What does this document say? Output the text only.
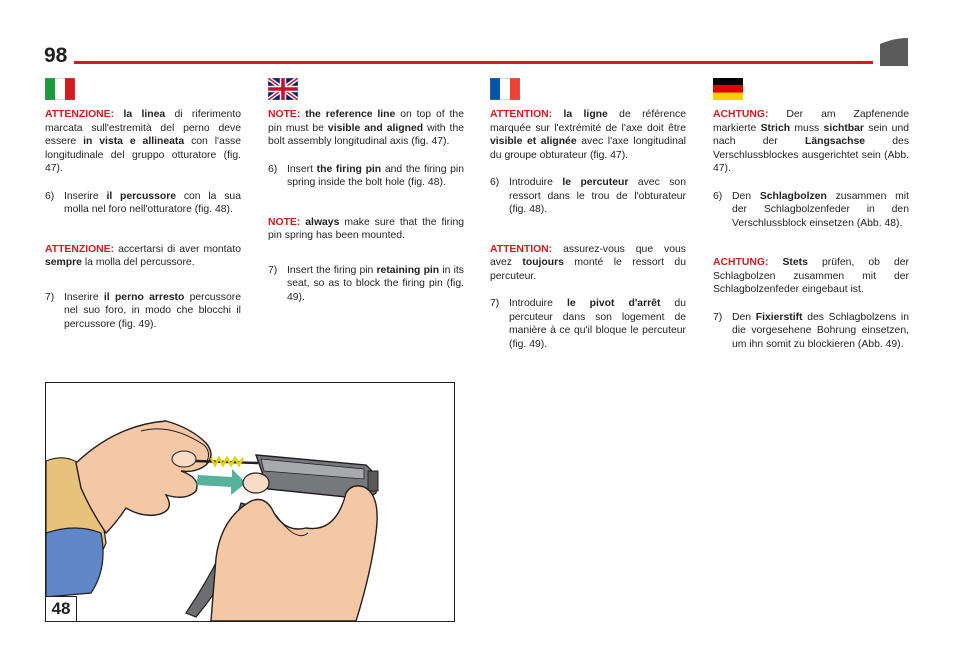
98

ATTENZIONE: la linea di riferimento marcata sull'estremità del perno deve essere in vista e allineata con l'asse longitudinale del gruppo otturatore (fig. 47).

6) Inserire il percussore con la sua molla nel foro nell'otturatore (fig. 48).

ATTENZIONE: accertarsi di aver montato sempre la molla del percussore.

7) Inserire il perno arresto percussore nel suo foro, in modo che blocchi il percussore (fig. 49).

NOTE: the reference line on top of the pin must be visible and aligned with the bolt assembly longitudinal axis (fig. 47).

6) Insert the firing pin and the firing pin spring inside the bolt hole (fig. 48).

NOTE: always make sure that the firing pin spring has been mounted.

7) Insert the firing pin retaining pin in its seat, so as to block the firing pin (fig. 49).

ATTENTION: la ligne de référence marquée sur l'extrémité de l'axe doit être visible et alignée avec l'axe longitudinal du groupe obturateur (fig. 47).

6) Introduire le percuteur avec son ressort dans le trou de l'obturateur (fig. 48).

ATTENTION: assurez-vous que vous avez toujours monté le ressort du percuteur.

7) Introduire le pivot d'arrêt du percuteur dans son logement de manière à ce qu'il bloque le percuteur (fig. 49).

ACHTUNG: Der am Zapfenende markierte Strich muss sichtbar sein und nach der Längsachse des Verschlussblockes ausgerichtet sein (Abb. 47).

6) Den Schlagbolzen zusammen mit der Schlagbolzenfeder in den Verschlussblock einsetzen (Abb. 48).

ACHTUNG: Stets prüfen, ob der Schlagbolzen zusammen mit der Schlagbolzenfeder eingebaut ist.

7) Den Fixierstift des Schlagbolzens in die vorgesehene Bohrung einsetzen, um ihn somit zu blockieren (Abb. 49).
48
